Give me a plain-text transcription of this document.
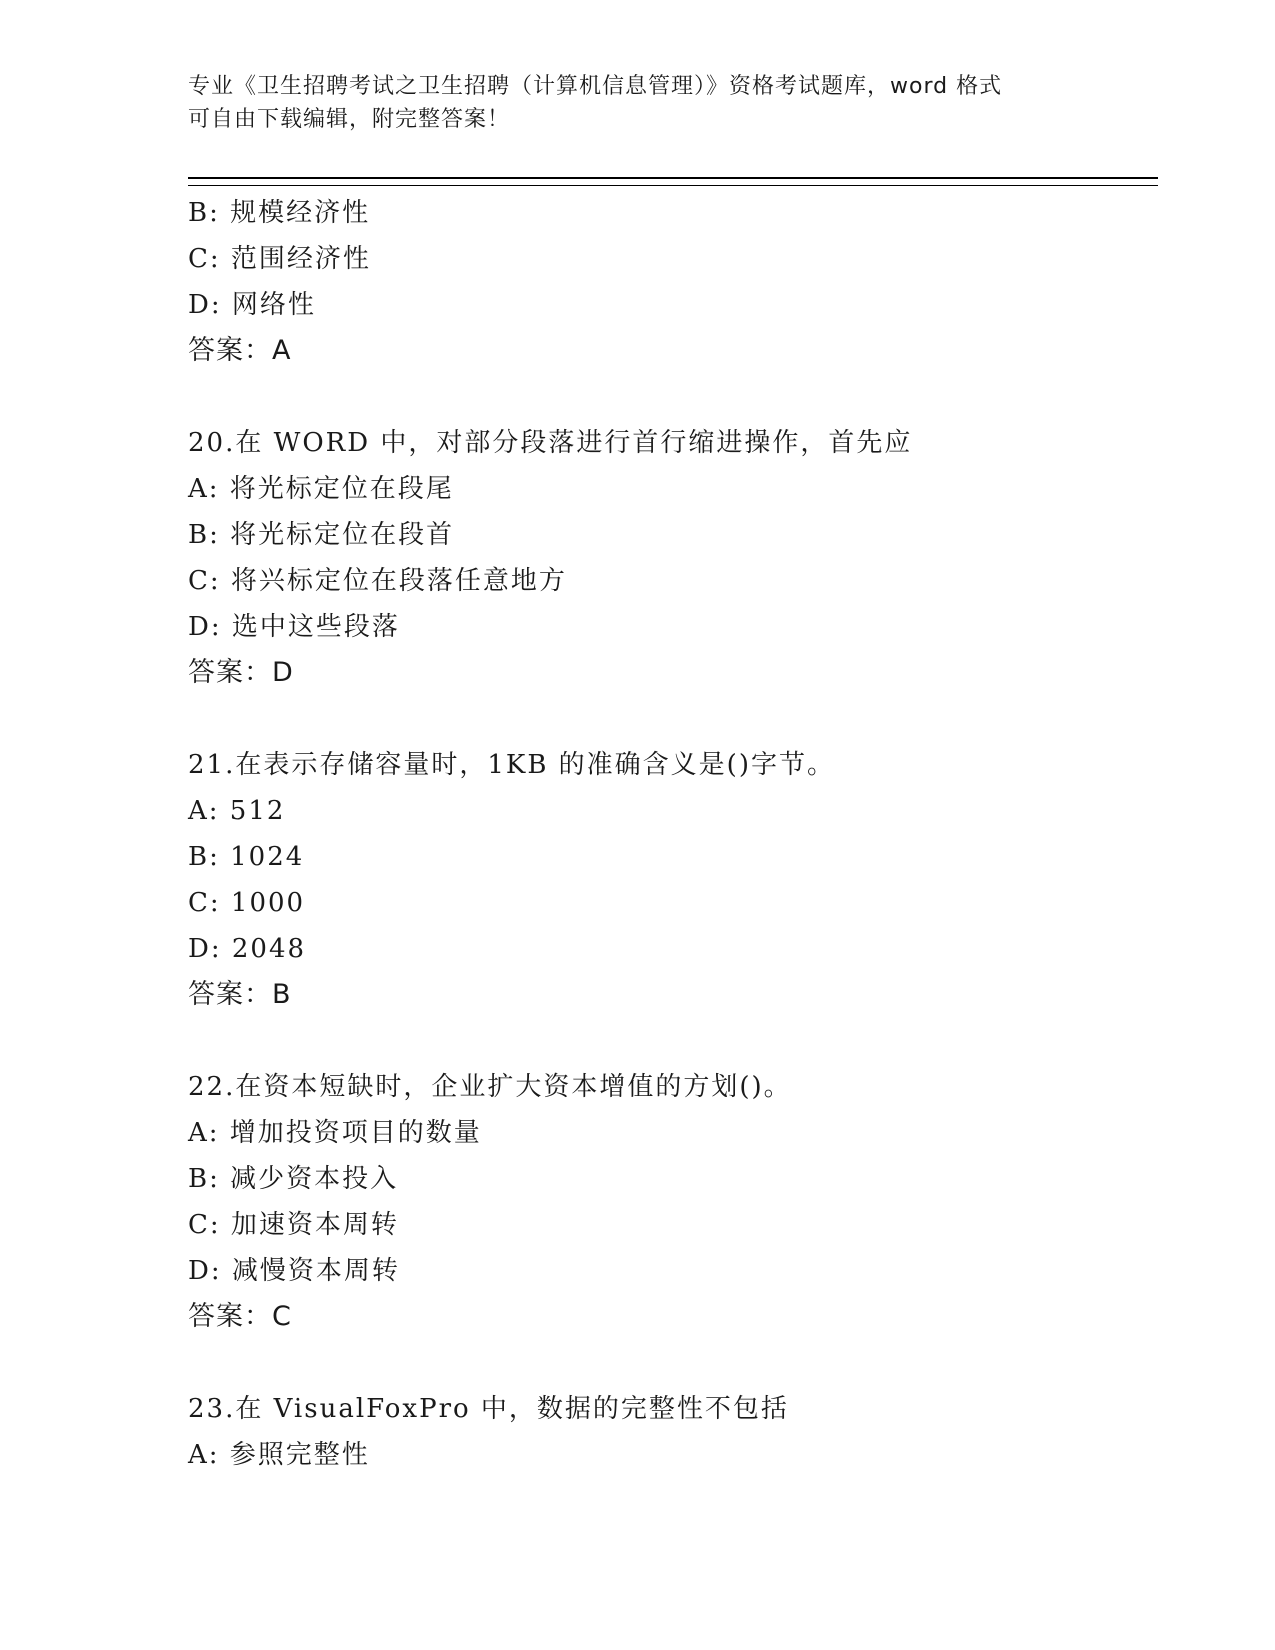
专业《卫生招聘考试之卫生招聘（计算机信息管理）》资格考试题库，word 格式
可自由下载编辑，附完整答案！
B: 规模经济性
C: 范围经济性
D: 网络性
答案：A
20.在 WORD 中，对部分段落进行首行缩进操作，首先应
A: 将光标定位在段尾
B: 将光标定位在段首
C: 将兴标定位在段落任意地方
D: 选中这些段落
答案：D
21.在表示存储容量时，1KB 的准确含义是()字节。
A: 512
B: 1024
C: 1000
D: 2048
答案：B
22.在资本短缺时，企业扩大资本增值的方划()。
A: 增加投资项目的数量
B: 减少资本投入
C: 加速资本周转
D: 减慢资本周转
答案：C
23.在 VisualFoxPro 中，数据的完整性不包括
A: 参照完整性
